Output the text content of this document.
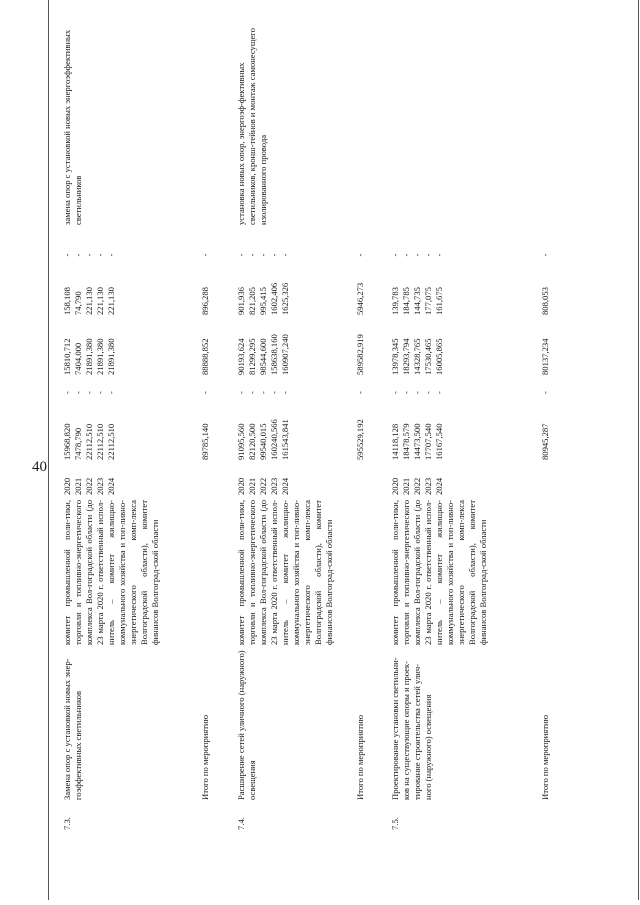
40
7.3.
Замена опор с установкой новых энер-гоэффективных светильников
комитет промышленной поли-тики, торговли и топливно-энергетического комплекса Вол-гоградской области (до 23 марта 2020 г. ответственный испол-нитель – комитет жилищно-коммунального хозяйства и топ-ливно-энергетического комп-лекса Волгоградской области), комитет финансов Волгоград-ской области
2020
2021
2022
2023
2024
15968,820
7478,790
22112,510
22112,510
22112,510
-
-
-
-
-
15810,712
7404,000
21891,380
21891,380
21891,380
158,108
74,790
221,130
221,130
221,130
-
-
-
-
-
замена опор с установкой новых энергоэффективных светильников
Итого по мероприятию
89785,140
-
88888,852
896,288
-
7.4.
Расширение сетей уличного (наружного) освещения
комитет промышленной поли-тики, торговли и топливно-энергетического комплекса Вол-гоградской области (до 23 марта 2020 г. ответственный испол-нитель – комитет жилищно-коммунального хозяйства и топ-ливно-энергетического комп-лекса Волгоградской области), комитет финансов Волгоград-ской области
2020
2021
2022
2023
2024
91095,560
82120,500
99540,015
160240,566
161543,841
-
-
-
-
-
90193,624
81299,295
98544,600
158638,160
160907,240
901,936
821,205
995,415
1602,406
1625,326
-
-
-
-
-
установка новых опор, энергоэф-фективных светильников, кронш-тейнов и монтаж самонесущего изолированного провода
Итого по мероприятию
595529,192
-
589582,919
5946,273
-
7.5.
Проектирование установки светильни-ков на существующие опоры и проек-тирование строительства сетей улич-ного (наружного) освещения
комитет промышленной поли-тики, торговли и топливно-энергетического комплекса Вол-гоградской области (до 23 марта 2020 г. ответственный испол-нитель – комитет жилищно-коммунального хозяйства и топ-ливно-энергетического комп-лекса Волгоградской области), комитет финансов Волгоград-ской области
2020
2021
2022
2023
2024
14118,128
18478,579
14473,500
17707,540
16167,540
-
-
-
-
-
13978,345
18293,794
14328,765
17530,465
16005,865
139,783
184,785
144,735
177,075
161,675
-
-
-
-
-
Итого по мероприятию
80945,287
-
80137,234
808,053
-
